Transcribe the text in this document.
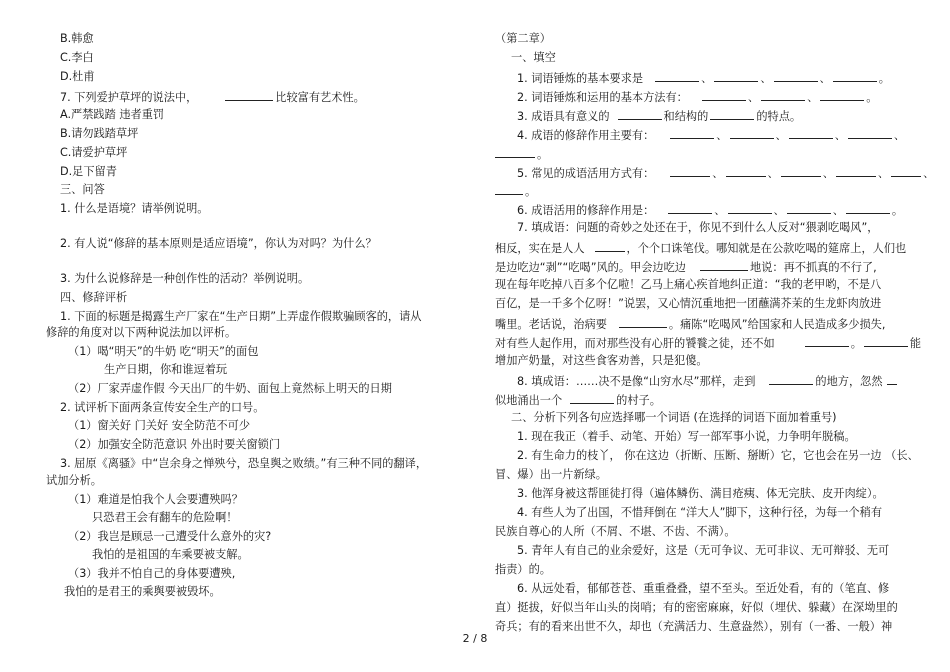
B.韩愈
C.李白
D.杜甫
7. 下列爱护草坪的说法中，	比较富有艺术性。
A.严禁践踏 违者重罚
B.请勿践踏草坪
C.请爱护草坪
D.足下留青
三、问答
1. 什么是语境？请举例说明。
2. 有人说“修辞的基本原则是适应语境”，你认为对吗？为什么？
3. 为什么说修辞是一种创作性的活动？举例说明。
四、修辞评析
1. 下面的标题是揭露生产厂家在“生产日期”上弄虚作假欺骗顾客的，请从
修辞的角度对以下两种说法加以评析。
（1）喝“明天”的牛奶 吃“明天”的面包
生产日期，你和谁逗着玩
（2）厂家弄虚作假 今天出厂的牛奶、面包上竟然标上明天的日期
2. 试评析下面两条宣传安全生产的口号。
（1）窗关好 门关好 安全防范不可少
（2）加强安全防范意识 外出时要关窗锁门
3. 屈原《离骚》中“岂余身之惮殃兮，恐皇舆之败绩。”有三种不同的翻译，
试加分析。
（1）难道是怕我个人会要遭殃吗？
只恐君王会有翻车的危险啊！
（2）我岂是顾忌一己遭受什么意外的灾?
我怕的是祖国的车乘要被支解。
（3）我并不怕自己的身体要遭殃,
我怕的是君王的乘舆要被毁坏。
（第二章）
一、填空
1. 词语锤炼的基本要求是	、	、	、	。
2. 词语锤炼和运用的基本方法有：	、	、	。
3. 成语具有意义的	和结构的	的特点。
4. 成语的修辞作用主要有：	、	、	、	、
。
5. 常见的成语活用方式有：	、	、	、	、	、
。
6. 成语活用的修辞作用是：	、	、	、	。
7. 填成语：问题的奇妙之处还在于，你见不到什么人反对“猥剥吃喝风”，
相反，实在是人人	，个个口诛笔伐。哪知就是在公款吃喝的筵席上，人们也
是边吃边“剥”“吃喝”风的。甲会边吃边	地说：再不抓真的不行了,
现在每年吃掉八百多个亿啦！乙马上痛心疾首地纠正道：“我的老甲哟，不是八
百亿，是一千多个亿呀！”说罢，又心情沉重地把一团蘸满芥茉的生龙虾肉放进
嘴里。老话说，治病要	。痛陈“吃喝风”给国家和人民造成多少损失,
对有些人起作用，而对那些没有心肝的饕餮之徒，还不如	。	能
增加产奶量，对这些食客劝善，只是犯傻。
8. 填成语：……决不是像“山穷水尽”那样，走到	的地方，忽然
似地涌出一个	的村子。
二、分析下列各句应选择哪一个词语 (在选择的词语下面加着重号)
1. 现在我正（着手、动笔、开始）写一部军事小说，力争明年脱稿。
2. 有生命力的枝丫， 你在这边（折断、压断、掰断）它，它也会在另一边 （长、
冒、爆）出一片新绿。
3. 他浑身被这帮匪徒打得（遍体鳞伤、满目疮痍、体无完肤、皮开肉绽）。
4. 有些人为了出国，不惜拜倒在 “洋大人”脚下，这种行径，为每一个稍有
民族自尊心的人所（不屑、不堪、不齿、不满）。
5. 青年人有自己的业余爱好，这是（无可争议、无可非议、无可辩驳、无可
指责）的。
6. 从远处看，郁郁苍苍、重重叠叠，望不至头。至近处看，有的（笔直、修
直）挺拔，好似当年山头的岗哨；有的密密麻麻，好似（埋伏、躲藏）在深坳里的
奇兵；有的看来出世不久，却也（充满活力、生意盎然），别有（一番、一般）神
2 / 8
